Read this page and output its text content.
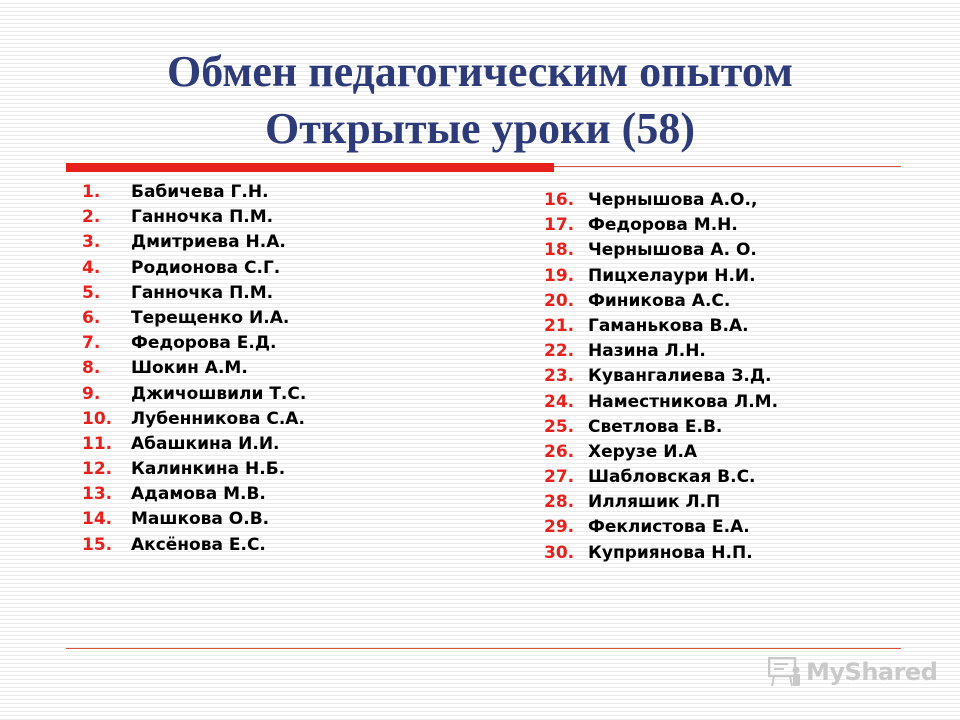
Обмен педагогическим опытом
Открытые уроки (58)
1. Бабичева Г.Н.
2. Ганночка П.М.
3. Дмитриева Н.А.
4. Родионова С.Г.
5. Ганночка П.М.
6. Терещенко И.А.
7. Федорова Е.Д.
8. Шокин А.М.
9. Джичошвили Т.С.
10. Лубенникова С.А.
11. Абашкина И.И.
12. Калинкина Н.Б.
13. Адамова М.В.
14. Машкова О.В.
15. Аксёнова Е.С.
16. Чернышова А.О.,
17. Федорова М.Н.
18. Чернышова А. О.
19. Пицхелаури Н.И.
20. Финикова А.С.
21. Гаманькова В.А.
22. Назина Л.Н.
23. Кувангалиева З.Д.
24. Наместникова Л.М.
25. Светлова Е.В.
26. Херузе И.А
27. Шабловская В.С.
28. Илляшик Л.П
29. Феклистова Е.А.
30. Куприянова Н.П.
MyShared
